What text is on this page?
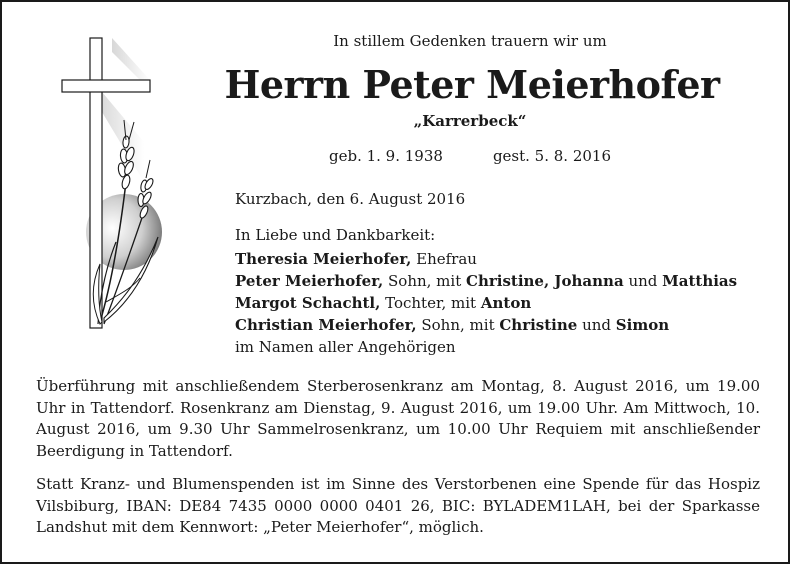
In stillem Gedenken trauern wir um
Herrn Peter Meierhofer
„Karrerbeck“
geb. 1. 9. 1938	gest. 5. 8. 2016
Kurzbach, den 6. August 2016
In Liebe und Dankbarkeit:
Theresia Meierhofer, Ehefrau
Peter Meierhofer, Sohn, mit Christine, Johanna und Matthias
Margot Schachtl, Tochter, mit Anton
Christian Meierhofer, Sohn, mit Christine und Simon
im Namen aller Angehörigen
Überführung mit anschließendem Sterberosenkranz am Montag, 8. August 2016, um 19.00 Uhr in Tattendorf. Rosenkranz am Dienstag, 9. August 2016, um 19.00 Uhr. Am Mittwoch, 10. August 2016, um 9.30 Uhr Sammelrosenkranz, um 10.00 Uhr Requiem mit anschließender Beerdigung in Tattendorf.
Statt Kranz- und Blumenspenden ist im Sinne des Verstorbenen eine Spende für das Hospiz Vilsbiburg, IBAN: DE84 7435 0000 0000 0401 26, BIC: BYLADEM1LAH, bei der Sparkasse Landshut mit dem Kennwort: „Peter Meierhofer“, möglich.
